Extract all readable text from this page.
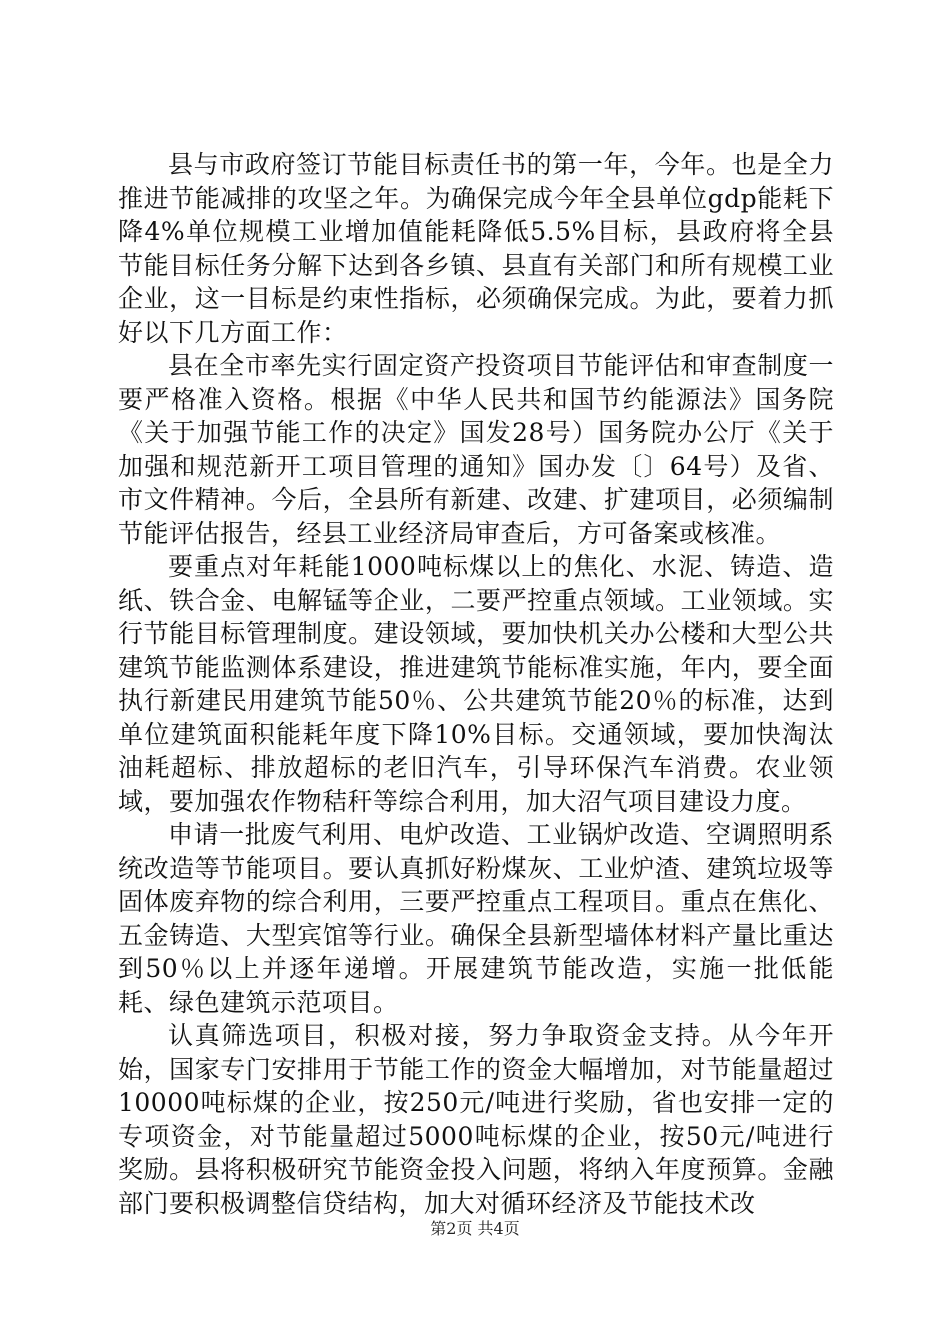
县与市政府签订节能目标责任书的第一年，今年。也是全力推进节能减排的攻坚之年。为确保完成今年全县单位gdp能耗下降4%单位规模工业增加值能耗降低5.5%目标，县政府将全县节能目标任务分解下达到各乡镇、县直有关部门和所有规模工业企业，这一目标是约束性指标，必须确保完成。为此，要着力抓好以下几方面工作：

县在全市率先实行固定资产投资项目节能评估和审查制度一要严格准入资格。根据《中华人民共和国节约能源法》国务院《关于加强节能工作的决定》国发28号）国务院办公厅《关于加强和规范新开工项目管理的通知》国办发〔〕64号）及省、市文件精神。今后，全县所有新建、改建、扩建项目，必须编制节能评估报告，经县工业经济局审查后，方可备案或核准。

要重点对年耗能1000吨标煤以上的焦化、水泥、铸造、造纸、铁合金、电解锰等企业，二要严控重点领域。工业领域。实行节能目标管理制度。建设领域，要加快机关办公楼和大型公共建筑节能监测体系建设，推进建筑节能标准实施，年内，要全面执行新建民用建筑节能50％、公共建筑节能20％的标准，达到单位建筑面积能耗年度下降10%目标。交通领域，要加快淘汰油耗超标、排放超标的老旧汽车，引导环保汽车消费。农业领域，要加强农作物秸秆等综合利用，加大沼气项目建设力度。

申请一批废气利用、电炉改造、工业锅炉改造、空调照明系统改造等节能项目。要认真抓好粉煤灰、工业炉渣、建筑垃圾等固体废弃物的综合利用，三要严控重点工程项目。重点在焦化、五金铸造、大型宾馆等行业。确保全县新型墙体材料产量比重达到50％以上并逐年递增。开展建筑节能改造，实施一批低能耗、绿色建筑示范项目。

认真筛选项目，积极对接，努力争取资金支持。从今年开始，国家专门安排用于节能工作的资金大幅增加，对节能量超过10000吨标煤的企业，按250元/吨进行奖励，省也安排一定的专项资金，对节能量超过5000吨标煤的企业，按50元/吨进行奖励。县将积极研究节能资金投入问题，将纳入年度预算。金融部门要积极调整信贷结构，加大对循环经济及节能技术改

第2页 共4页
